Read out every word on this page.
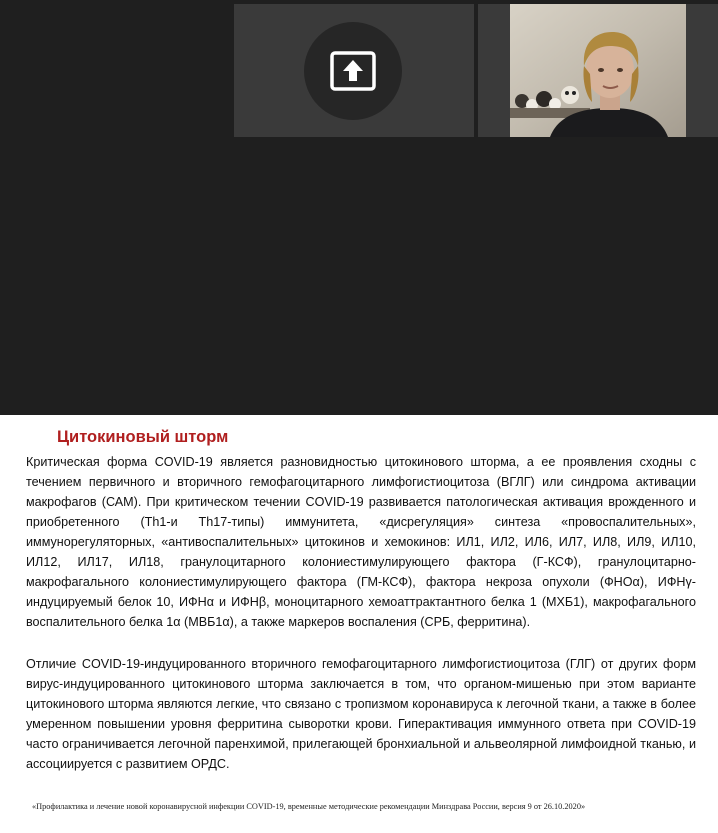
Цитокиновый шторм

Критическая форма COVID-19 является разновидностью цитокинового шторма, а ее проявления сходны с течением первичного и вторичного гемофагоцитарного лимфогистиоцитоза (ВГЛГ) или синдрома активации макрофагов (САМ). При критическом течении COVID-19 развивается патологическая активация врожденного и приобретенного (Th1-и Th17-типы) иммунитета, «дисрегуляция» синтеза «провоспалительных», иммунорегуляторных, «антивоспалительных» цитокинов и хемокинов: ИЛ1, ИЛ2, ИЛ6, ИЛ7, ИЛ8, ИЛ9, ИЛ10, ИЛ12, ИЛ17, ИЛ18, гранулоцитарного колониестимулирующего фактора (Г-КСФ), гранулоцитарно-макрофагального колониестимулирующего фактора (ГМ-КСФ), фактора некроза опухоли (ФНОα), ИФНγ-индуцируемый белок 10, ИФНα и ИФНβ, моноцитарного хемоаттрактантного белка 1 (МХБ1), макрофагального воспалительного белка 1α (МВБ1α), а также маркеров воспаления (СРБ, ферритина).

Отличие COVID-19-индуцированного вторичного гемофагоцитарного лимфогистиоцитоза (ГЛГ) от других форм вирус-индуцированного цитокинового шторма заключается в том, что органом-мишенью при этом варианте цитокинового шторма являются легкие, что связано с тропизмом коронавируса к легочной ткани, а также в более умеренном повышении уровня ферритина сыворотки крови. Гиперактивация иммунного ответа при COVID-19 часто ограничивается легочной паренхимой, прилегающей бронхиальной и альвеолярной лимфоидной тканью, и ассоциируется с развитием ОРДС.

«Профилактика и лечение новой коронавирусной инфекции COVID-19, временные методические рекомендации Минздрава России, версия 9 от 26.10.2020»
